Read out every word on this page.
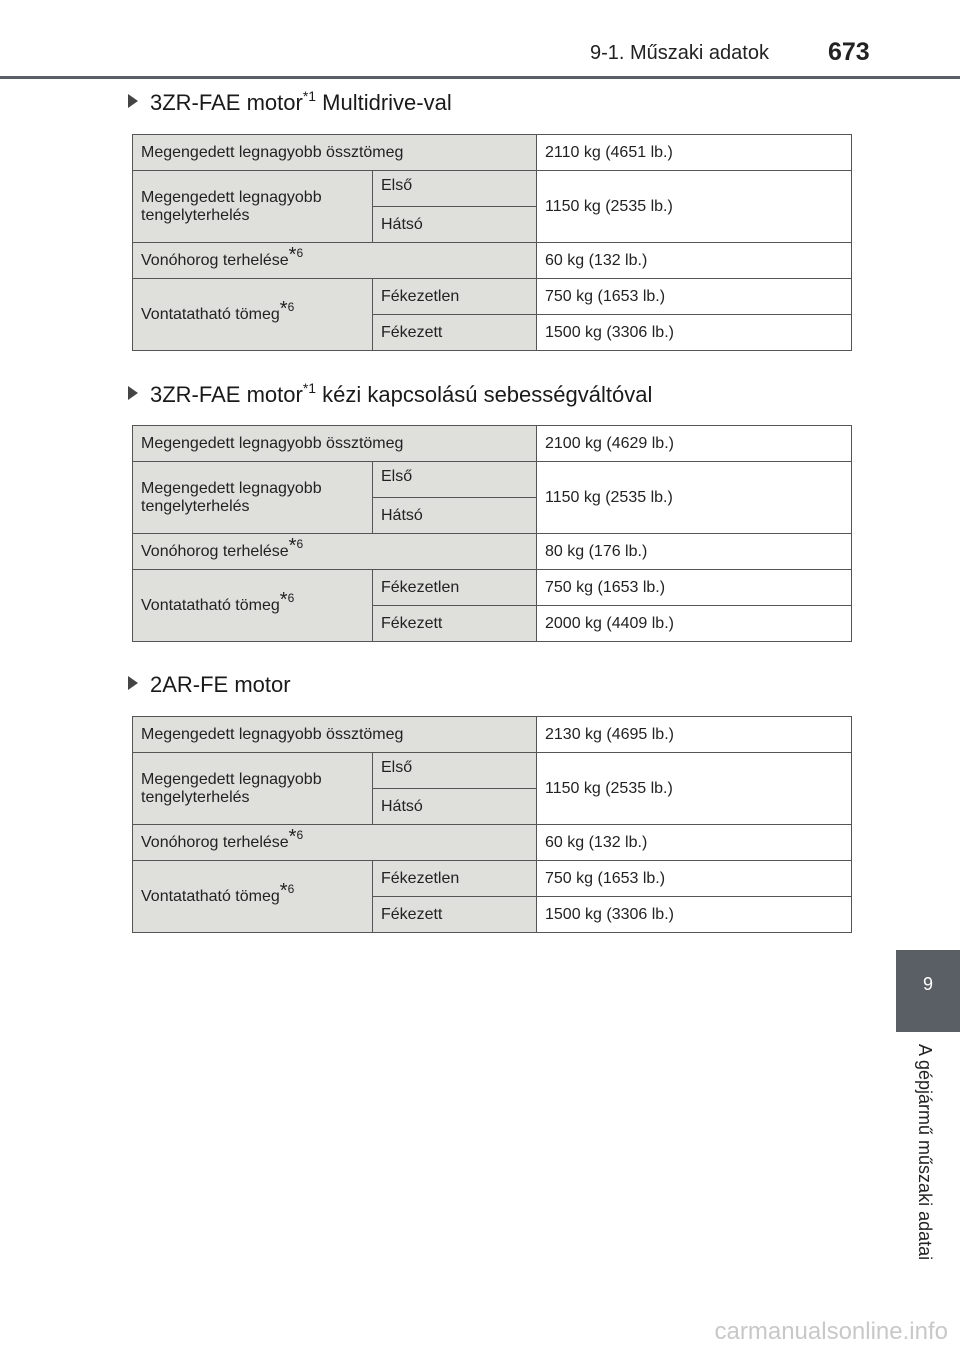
9-1. Műszaki adatok 673
3ZR-FAE motor$^{*1}$ Multidrive-val
Megengedett legnagyobb össztömeg		2110 kg (4651 lb.)
Megengedett legnagyobb tengelyterhelés	Első	1150 kg (2535 lb.)
	Hátsó	
Vonóhorog terhelése*$^6$		60 kg (132 lb.)
Vontatatható tömeg*$^6$	Fékezetlen	750 kg (1653 lb.)
	Fékezett	1500 kg (3306 lb.)
3ZR-FAE motor$^{*1}$ kézi kapcsolású sebességváltóval
Megengedett legnagyobb össztömeg		2100 kg (4629 lb.)
Megengedett legnagyobb tengelyterhelés	Első	1150 kg (2535 lb.)
	Hátsó	
Vonóhorog terhelése*$^6$		80 kg (176 lb.)
Vontatatható tömeg*$^6$	Fékezetlen	750 kg (1653 lb.)
	Fékezett	2000 kg (4409 lb.)
2AR-FE motor
Megengedett legnagyobb össztömeg		2130 kg (4695 lb.)
Megengedett legnagyobb tengelyterhelés	Első	1150 kg (2535 lb.)
	Hátsó	
Vonóhorog terhelése*$^6$		60 kg (132 lb.)
Vontatatható tömeg*$^6$	Fékezetlen	750 kg (1653 lb.)
	Fékezett	1500 kg (3306 lb.)
9
A gépjármű műszaki adatai
carmanualsonline.info
